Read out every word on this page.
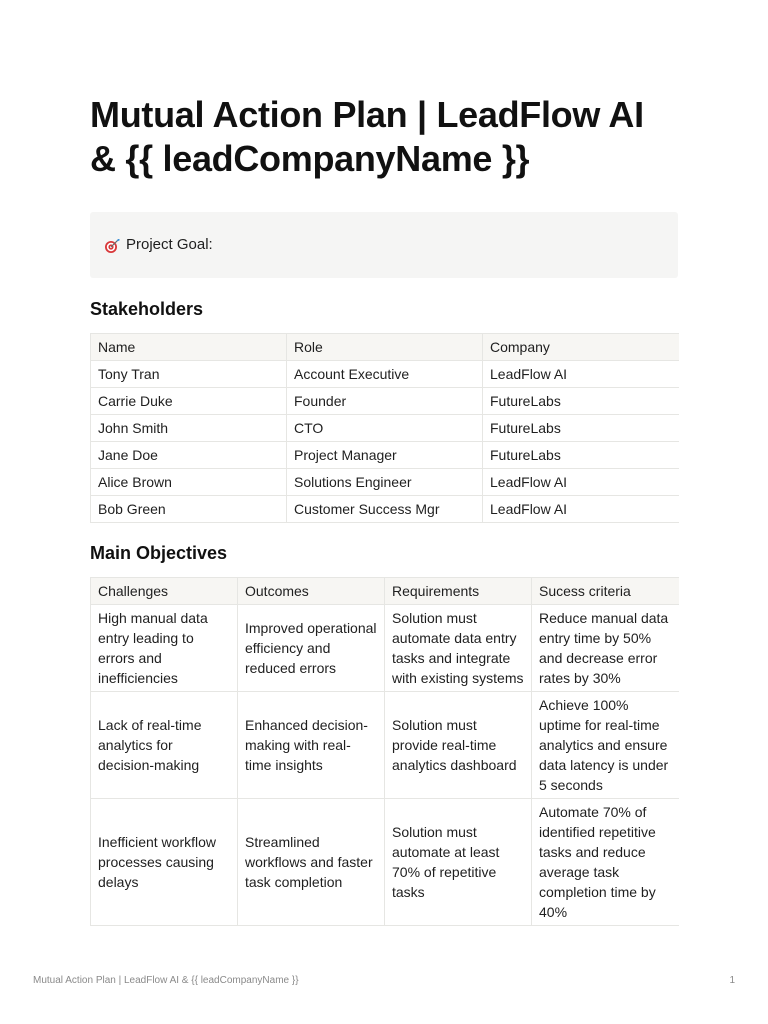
Mutual Action Plan | LeadFlow AI & {{ leadCompanyName }}
Project Goal:
Stakeholders
Name	Role	Company
Tony Tran	Account Executive	LeadFlow AI
Carrie Duke	Founder	FutureLabs
John Smith	CTO	FutureLabs
Jane Doe	Project Manager	FutureLabs
Alice Brown	Solutions Engineer	LeadFlow AI
Bob Green	Customer Success Mgr	LeadFlow AI
Main Objectives
Challenges	Outcomes	Requirements	Sucess criteria
High manual data entry leading to errors and inefficiencies	Improved operational efficiency and reduced errors	Solution must automate data entry tasks and integrate with existing systems	Reduce manual data entry time by 50% and decrease error rates by 30%
Lack of real-time analytics for decision-making	Enhanced decision-making with real-time insights	Solution must provide real-time analytics dashboard	Achieve 100% uptime for real-time analytics and ensure data latency is under 5 seconds
Inefficient workflow processes causing delays	Streamlined workflows and faster task completion	Solution must automate at least 70% of repetitive tasks	Automate 70% of identified repetitive tasks and reduce average task completion time by 40%
Mutual Action Plan | LeadFlow AI & {{ leadCompanyName }}	1
